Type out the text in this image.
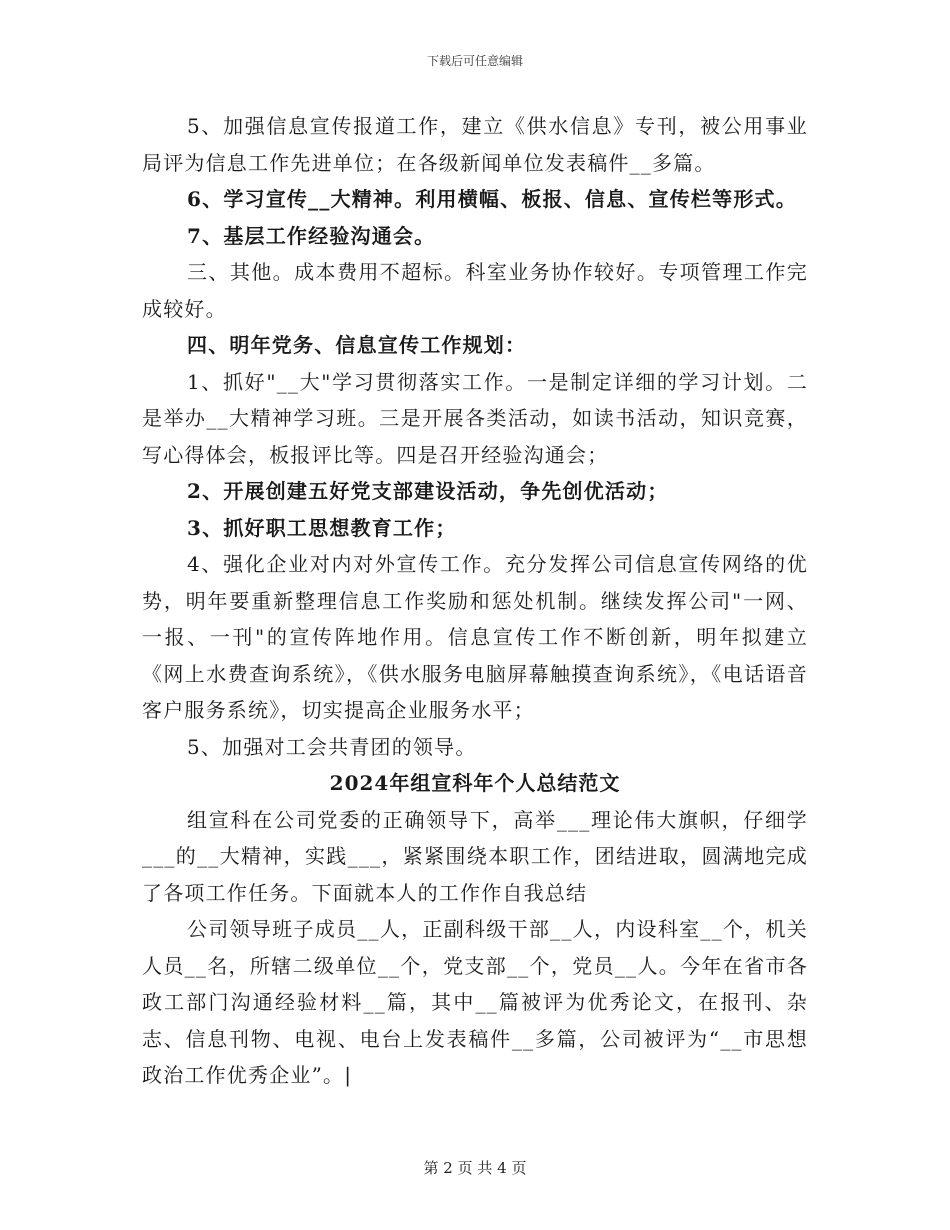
下载后可任意编辑

5、加强信息宣传报道工作，建立《供水信息》专刊，被公用事业局评为信息工作先进单位；在各级新闻单位发表稿件__多篇。

6、学习宣传__大精神。利用横幅、板报、信息、宣传栏等形式。

7、基层工作经验沟通会。

三、其他。成本费用不超标。科室业务协作较好。专项管理工作完成较好。

四、明年党务、信息宣传工作规划：

1、抓好"__大"学习贯彻落实工作。一是制定详细的学习计划。二是举办__大精神学习班。三是开展各类活动，如读书活动，知识竞赛，写心得体会，板报评比等。四是召开经验沟通会；

2、开展创建五好党支部建设活动，争先创优活动；

3、抓好职工思想教育工作；

4、强化企业对内对外宣传工作。充分发挥公司信息宣传网络的优势，明年要重新整理信息工作奖励和惩处机制。继续发挥公司"一网、一报、一刊"的宣传阵地作用。信息宣传工作不断创新，明年拟建立《网上水费查询系统》，《供水服务电脑屏幕触摸查询系统》，《电话语音客户服务系统》，切实提高企业服务水平；

5、加强对工会共青团的领导。

2024年组宣科年个人总结范文

组宣科在公司党委的正确领导下，高举___理论伟大旗帜，仔细学___的__大精神，实践___，紧紧围绕本职工作，团结进取，圆满地完成了各项工作任务。下面就本人的工作作自我总结

公司领导班子成员__人，正副科级干部__人，内设科室__个，机关人员__名，所辖二级单位__个，党支部__个，党员__人。今年在省市各政工部门沟通经验材料__篇，其中__篇被评为优秀论文，在报刊、杂志、信息刊物、电视、电台上发表稿件__多篇，公司被评为“__市思想政治工作优秀企业”。|

第 2 页 共 4 页
